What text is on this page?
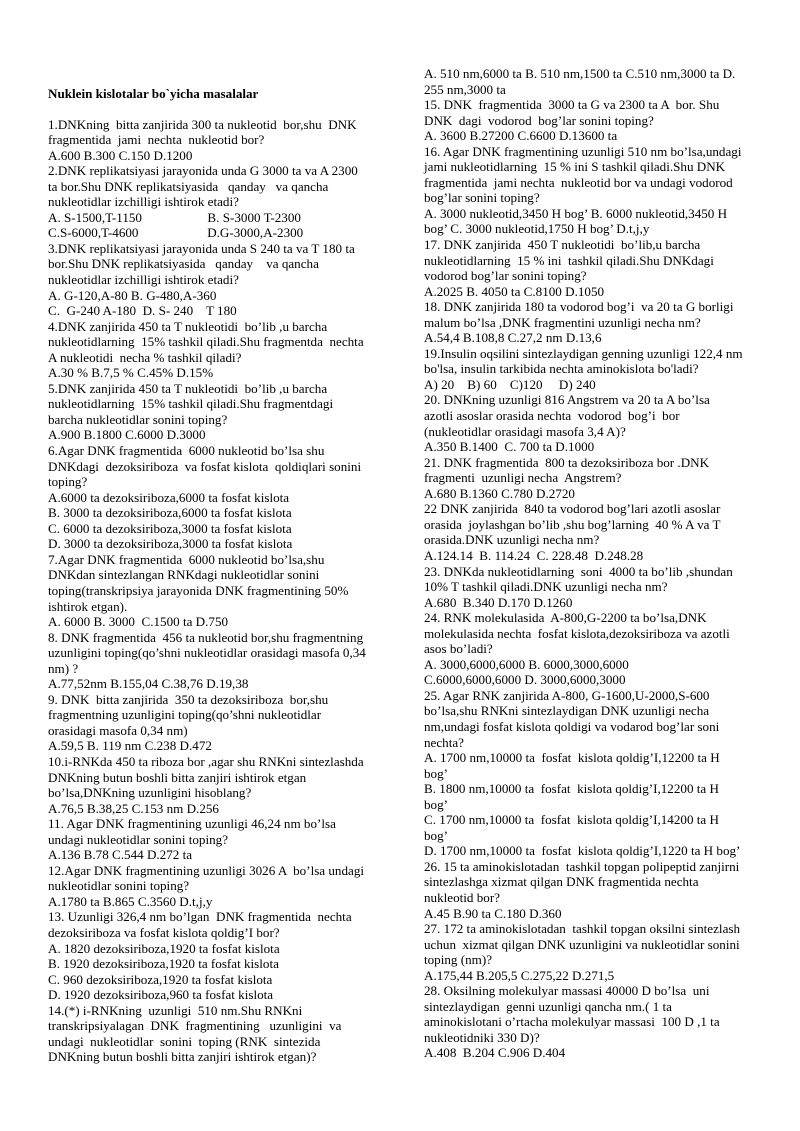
Nuklein kislotalar bo`yicha masalalar
1.DNKning  bitta zanjirida 300 ta nukleotid  bor,shu  DNK
fragmentida  jami  nechta  nukleotid bor?
A.600 B.300 C.150 D.1200
2.DNK replikatsiyasi jarayonida unda G 3000 ta va A 2300
ta bor.Shu DNK replikatsiyasida   qanday   va qancha
nukleotidlar izchilligi ishtirok etadi?
A. S-1500,T-1150                    B. S-3000 T-2300
C.S-6000,T-4600                     D.G-3000,A-2300
3.DNK replikatsiyasi jarayonida unda S 240 ta va T 180 ta
bor.Shu DNK replikatsiyasida   qanday    va qancha
nukleotidlar izchilligi ishtirok etadi?
A. G-120,A-80 B. G-480,A-360
C.  G-240 A-180  D. S- 240    T 180
4.DNK zanjirida 450 ta T nukleotidi  bo’lib ,u barcha
nukleotidlarning  15% tashkil qiladi.Shu fragmentda  nechta
A nukleotidi  necha % tashkil qiladi?
A.30 % B.7,5 % C.45% D.15%
5.DNK zanjirida 450 ta T nukleotidi  bo’lib ,u barcha
nukleotidlarning  15% tashkil qiladi.Shu fragmentdagi
barcha nukleotidlar sonini toping?
A.900 B.1800 C.6000 D.3000
6.Agar DNK fragmentida  6000 nukleotid bo’lsa shu
DNKdagi  dezoksiriboza  va fosfat kislota  qoldiqlari sonini
toping?
A.6000 ta dezoksiriboza,6000 ta fosfat kislota
B. 3000 ta dezoksiriboza,6000 ta fosfat kislota
C. 6000 ta dezoksiriboza,3000 ta fosfat kislota
D. 3000 ta dezoksiriboza,3000 ta fosfat kislota
7.Agar DNK fragmentida  6000 nukleotid bo’lsa,shu
DNKdan sintezlangan RNKdagi nukleotidlar sonini
toping(transkripsiya jarayonida DNK fragmentining 50%
ishtirok etgan).
A. 6000 B. 3000  C.1500 ta D.750
8. DNK fragmentida  456 ta nukleotid bor,shu fragmentning
uzunligini toping(qo’shni nukleotidlar orasidagi masofa 0,34
nm) ?
A.77,52nm B.155,04 C.38,76 D.19,38
9. DNK  bitta zanjirida  350 ta dezoksiriboza  bor,shu
fragmentning uzunligini toping(qo’shni nukleotidlar
orasidagi masofa 0,34 nm)
A.59,5 B. 119 nm C.238 D.472
10.i-RNKda 450 ta riboza bor ,agar shu RNKni sintezlashda
DNKning butun boshli bitta zanjiri ishtirok etgan
bo’lsa,DNKning uzunligini hisoblang?
A.76,5 B.38,25 C.153 nm D.256
11. Agar DNK fragmentining uzunligi 46,24 nm bo’lsa
undagi nukleotidlar sonini toping?
A.136 B.78 C.544 D.272 ta
12.Agar DNK fragmentining uzunligi 3026 A  bo’lsa undagi
nukleotidlar sonini toping?
A.1780 ta B.865 C.3560 D.t,j,y
13. Uzunligi 326,4 nm bo’lgan  DNK fragmentida  nechta
dezoksiriboza va fosfat kislota qoldig’I bor?
A. 1820 dezoksiriboza,1920 ta fosfat kislota
B. 1920 dezoksiriboza,1920 ta fosfat kislota
C. 960 dezoksiriboza,1920 ta fosfat kislota
D. 1920 dezoksiriboza,960 ta fosfat kislota
14.(*) i-RNKning  uzunligi  510 nm.Shu RNKni
transkripsiyalagan  DNK  fragmentining   uzunligini  va
undagi  nukleotidlar  sonini  toping (RNK  sintezida
DNKning butun boshli bitta zanjiri ishtirok etgan)?
A. 510 nm,6000 ta B. 510 nm,1500 ta C.510 nm,3000 ta D.
255 nm,3000 ta
15. DNK  fragmentida  3000 ta G va 2300 ta A  bor. Shu
DNK  dagi  vodorod  bog’lar sonini toping?
A. 3600 B.27200 C.6600 D.13600 ta
16. Agar DNK fragmentining uzunligi 510 nm bo’lsa,undagi
jami nukleotidlarning  15 % ini S tashkil qiladi.Shu DNK
fragmentida  jami nechta  nukleotid bor va undagi vodorod
bog’lar sonini toping?
A. 3000 nukleotid,3450 H bog’ B. 6000 nukleotid,3450 H
bog’ C. 3000 nukleotid,1750 H bog’ D.t,j,y
17. DNK zanjirida  450 T nukleotidi  bo’lib,u barcha
nukleotidlarning  15 % ini  tashkil qiladi.Shu DNKdagi
vodorod bog’lar sonini toping?
A.2025 B. 4050 ta C.8100 D.1050
18. DNK zanjirida 180 ta vodorod bog’i  va 20 ta G borligi
malum bo’lsa ,DNK fragmentini uzunligi necha nm?
A.54,4 B.108,8 C.27,2 nm D.13,6
19.Insulin oqsilini sintezlaydigan genning uzunligi 122,4 nm
bo'lsa, insulin tarkibida nechta aminokislota bo'ladi?
A) 20    B) 60    C)120     D) 240
20. DNKning uzunligi 816 Angstrem va 20 ta A bo’lsa
azotli asoslar orasida nechta  vodorod  bog’i  bor
(nukleotidlar orasidagi masofa 3,4 A)?
A.350 B.1400  C. 700 ta D.1000
21. DNK fragmentida  800 ta dezoksiriboza bor .DNK
fragmenti  uzunligi necha  Angstrem?
A.680 B.1360 C.780 D.2720
22 DNK zanjirida  840 ta vodorod bog’lari azotli asoslar
orasida  joylashgan bo’lib ,shu bog’larning  40 % A va T
orasida.DNK uzunligi necha nm?
A.124.14  B. 114.24  C. 228.48  D.248.28
23. DNKda nukleotidlarning  soni  4000 ta bo’lib ,shundan
10% T tashkil qiladi.DNK uzunligi necha nm?
A.680  B.340 D.170 D.1260
24. RNK molekulasida  A-800,G-2200 ta bo’lsa,DNK
molekulasida nechta  fosfat kislota,dezoksiriboza va azotli
asos bo’ladi?
A. 3000,6000,6000 B. 6000,3000,6000
C.6000,6000,6000 D. 3000,6000,3000
25. Agar RNK zanjirida A-800, G-1600,U-2000,S-600
bo’lsa,shu RNKni sintezlaydigan DNK uzunligi necha
nm,undagi fosfat kislota qoldigi va vodarod bog’lar soni
nechta?
A. 1700 nm,10000 ta  fosfat  kislota qoldig’I,12200 ta H
bog’
B. 1800 nm,10000 ta  fosfat  kislota qoldig’I,12200 ta H
bog’
C. 1700 nm,10000 ta  fosfat  kislota qoldig’I,14200 ta H
bog’
D. 1700 nm,10000 ta  fosfat  kislota qoldig’I,1220 ta H bog’
26. 15 ta aminokislotadan  tashkil topgan polipeptid zanjirni
sintezlashga xizmat qilgan DNK fragmentida nechta
nukleotid bor?
A.45 B.90 ta C.180 D.360
27. 172 ta aminokislotadan  tashkil topgan oksilni sintezlash
uchun  xizmat qilgan DNK uzunligini va nukleotidlar sonini
toping (nm)?
A.175,44 B.205,5 C.275,22 D.271,5
28. Oksilning molekulyar massasi 40000 D bo’lsa  uni
sintezlaydigan  genni uzunligi qancha nm.( 1 ta
aminokislotani o’rtacha molekulyar massasi  100 D ,1 ta
nukleotidniki 330 D)?
A.408  B.204 C.906 D.404
